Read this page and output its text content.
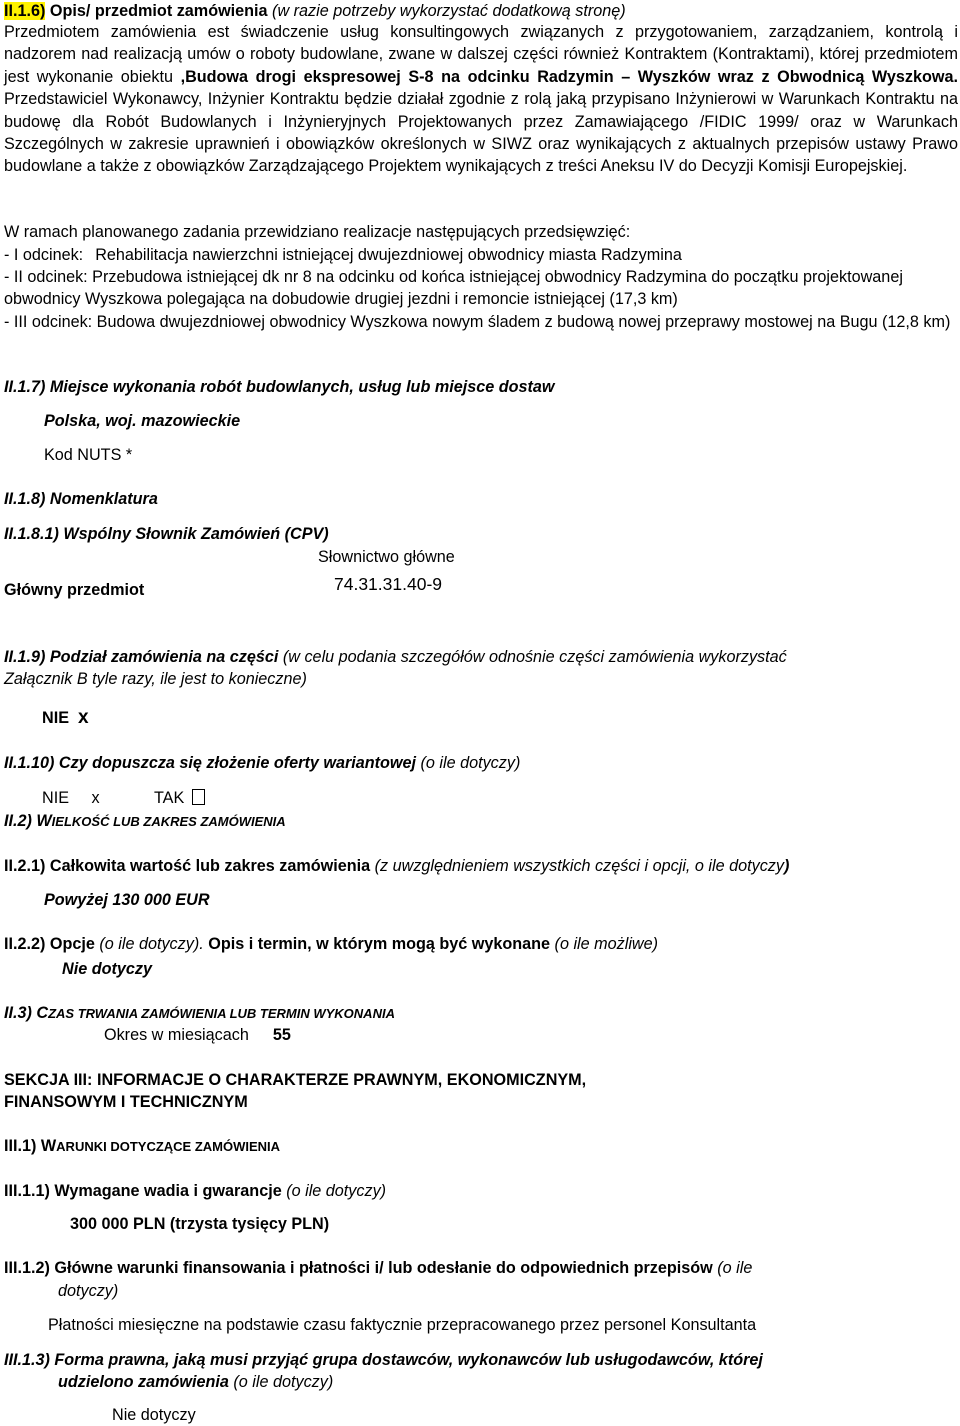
II.1.6) Opis/ przedmiot zamówienia (w razie potrzeby wykorzystać dodatkową stronę)
Przedmiotem zamówienia est świadczenie usług konsultingowych związanych z przygotowaniem, zarządzaniem, kontrolą i nadzorem nad realizacją umów o roboty budowlane, zwane w dalszej części również Kontraktem (Kontraktami), której przedmiotem jest wykonanie obiektu ,Budowa drogi ekspresowej S-8 na odcinku Radzymin – Wyszków wraz z Obwodnicą Wyszkowa. Przedstawiciel Wykonawcy, Inżynier Kontraktu będzie działał zgodnie z rolą jaką przypisano Inżynierowi w Warunkach Kontraktu na budowę dla Robót Budowlanych i Inżynieryjnych Projektowanych przez Zamawiającego /FIDIC 1999/ oraz w Warunkach Szczególnych w zakresie uprawnień i obowiązków określonych w SIWZ oraz wynikających z aktualnych przepisów ustawy Prawo budowlane a także z obowiązków Zarządzającego Projektem wynikających z treści Aneksu IV do Decyzji Komisji Europejskiej.
W ramach planowanego zadania przewidziano realizacje następujących przedsięwzięć:
- I odcinek: Rehabilitacja nawierzchni istniejącej dwujezdniowej obwodnicy miasta Radzymina
- II odcinek: Przebudowa istniejącej dk nr 8 na odcinku od końca istniejącej obwodnicy Radzymina do początku projektowanej obwodnicy Wyszkowa polegająca na dobudowie drugiej jezdni i remoncie istniejącej (17,3 km)
- III odcinek: Budowa dwujezdniowej obwodnicy Wyszkowa nowym śladem z budową nowej przeprawy mostowej na Bugu (12,8 km)
II.1.7) Miejsce wykonania robót budowlanych, usług lub miejsce dostaw
Polska, woj. mazowieckie
Kod NUTS *
II.1.8) Nomenklatura
II.1.8.1) Wspólny Słownik Zamówień (CPV)
Słownictwo główne
Główny przedmiot	74.31.31.40-9
II.1.9) Podział zamówienia na części (w celu podania szczegółów odnośnie części zamówienia wykorzystać
Załącznik B tyle razy, ile jest to konieczne)
NIE x
II.1.10) Czy dopuszcza się złożenie oferty wariantowej (o ile dotyczy)
NIE x	TAK
II.2) WIELKOŚĆ LUB ZAKRES ZAMÓWIENIA
II.2.1) Całkowita wartość lub zakres zamówienia (z uwzględnieniem wszystkich części i opcji, o ile dotyczy)
Powyżej 130 000 EUR
II.2.2) Opcje (o ile dotyczy). Opis i termin, w którym mogą być wykonane (o ile możliwe)
Nie dotyczy
II.3) CZAS TRWANIA ZAMÓWIENIA LUB TERMIN WYKONANIA
Okres w miesiącach 55
SEKCJA III: INFORMACJE O CHARAKTERZE PRAWNYM, EKONOMICZNYM,
FINANSOWYM I TECHNICZNYM
III.1) WARUNKI DOTYCZĄCE ZAMÓWIENIA
III.1.1) Wymagane wadia i gwarancje (o ile dotyczy)
300 000 PLN (trzysta tysięcy PLN)
III.1.2) Główne warunki finansowania i płatności i/ lub odesłanie do odpowiednich przepisów (o ile
dotyczy)
Płatności miesięczne na podstawie czasu faktycznie przepracowanego przez personel Konsultanta
III.1.3) Forma prawna, jaką musi przyjąć grupa dostawców, wykonawców lub usługodawców, której
udzielono zamówienia (o ile dotyczy)
Nie dotyczy
